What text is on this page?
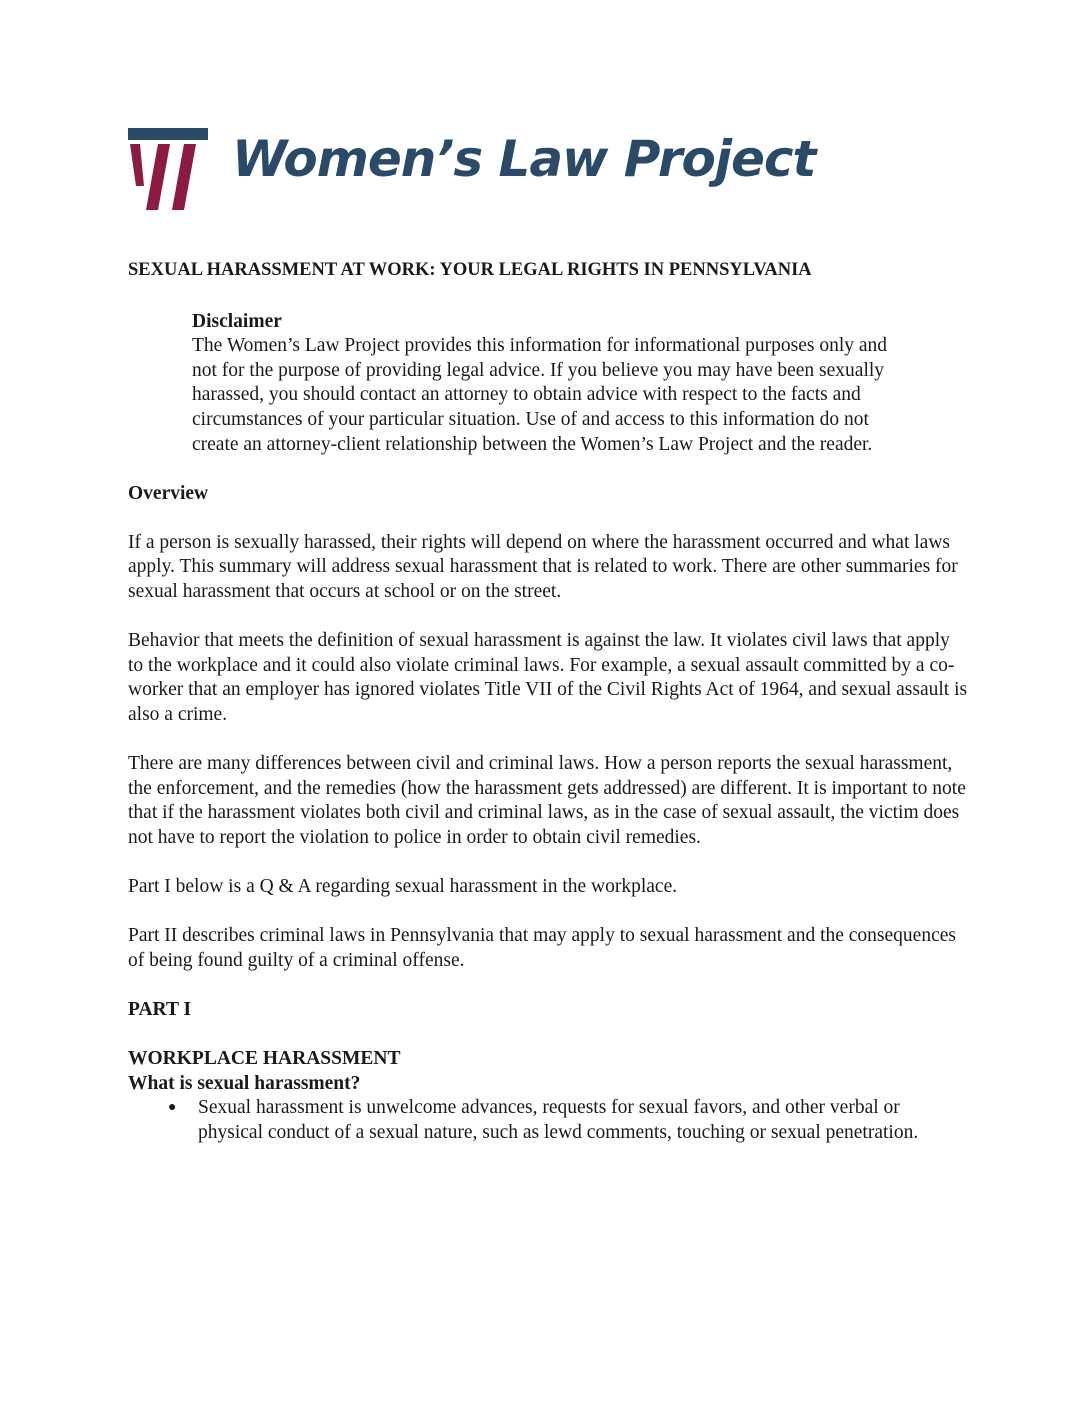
Women’s Law Project
SEXUAL HARASSMENT AT WORK: YOUR LEGAL RIGHTS IN PENNSYLVANIA
Disclaimer
The Women’s Law Project provides this information for informational purposes only and not for the purpose of providing legal advice. If you believe you may have been sexually harassed, you should contact an attorney to obtain advice with respect to the facts and circumstances of your particular situation. Use of and access to this information do not create an attorney-client relationship between the Women’s Law Project and the reader.
Overview

If a person is sexually harassed, their rights will depend on where the harassment occurred and what laws apply. This summary will address sexual harassment that is related to work. There are other summaries for sexual harassment that occurs at school or on the street.

Behavior that meets the definition of sexual harassment is against the law. It violates civil laws that apply to the workplace and it could also violate criminal laws. For example, a sexual assault committed by a co-worker that an employer has ignored violates Title VII of the Civil Rights Act of 1964, and sexual assault is also a crime.

There are many differences between civil and criminal laws. How a person reports the sexual harassment, the enforcement, and the remedies (how the harassment gets addressed) are different. It is important to note that if the harassment violates both civil and criminal laws, as in the case of sexual assault, the victim does not have to report the violation to police in order to obtain civil remedies.

Part I below is a Q & A regarding sexual harassment in the workplace.

Part II describes criminal laws in Pennsylvania that may apply to sexual harassment and the consequences of being found guilty of a criminal offense.

PART I
WORKPLACE HARASSMENT
What is sexual harassment?
● Sexual harassment is unwelcome advances, requests for sexual favors, and other verbal or physical conduct of a sexual nature, such as lewd comments, touching or sexual penetration.
